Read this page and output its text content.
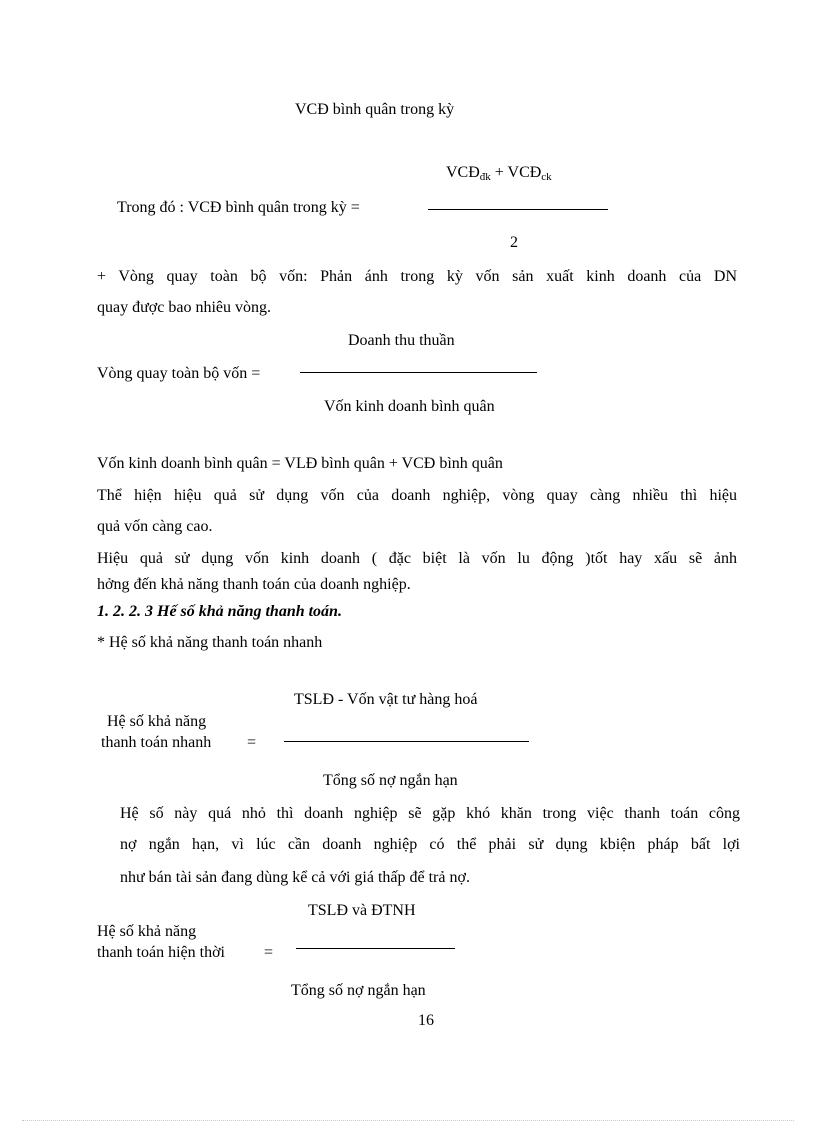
VCĐ bình quân trong kỳ
$VCĐ_{đk}$ + $VCĐ_{ck}$
Trong đó : VCĐ bình quân trong kỳ =
2
+ Vòng quay toàn bộ vốn: Phản ánh trong kỳ vốn sản xuất kinh doanh của DN
quay được bao nhiêu vòng.
Doanh thu thuần
Vòng quay toàn bộ vốn =
Vốn kinh doanh bình quân
Vốn kinh doanh bình quân = VLĐ bình quân + VCĐ bình quân
Thể hiện hiệu quả sử dụng vốn của doanh nghiệp, vòng quay càng nhiều thì hiệu
quả vốn càng cao.
Hiệu quả sử dụng vốn kinh doanh ( đặc biệt là vốn lu động )tốt hay xấu sẽ ảnh
hởng đến khả năng thanh toán của doanh nghiệp.
1. 2. 2. 3 Hế số khả năng thanh toán.
* Hệ số khả năng thanh toán nhanh
TSLĐ - Vốn vật tư hàng hoá
Hệ số khả năng
thanh toán nhanh =
Tổng số nợ ngắn hạn
Hệ số này quá nhỏ thì doanh nghiệp sẽ gặp khó khăn trong việc thanh toán công
nợ ngắn hạn, vì lúc cần doanh nghiệp có thể phải sử dụng kbiện pháp bất lợi
như bán tài sản đang dùng kể cả với giá thấp để trả nợ.
TSLĐ và ĐTNH
Hệ số khả năng
thanh toán hiện thời =
Tổng số nợ ngắn hạn
16
